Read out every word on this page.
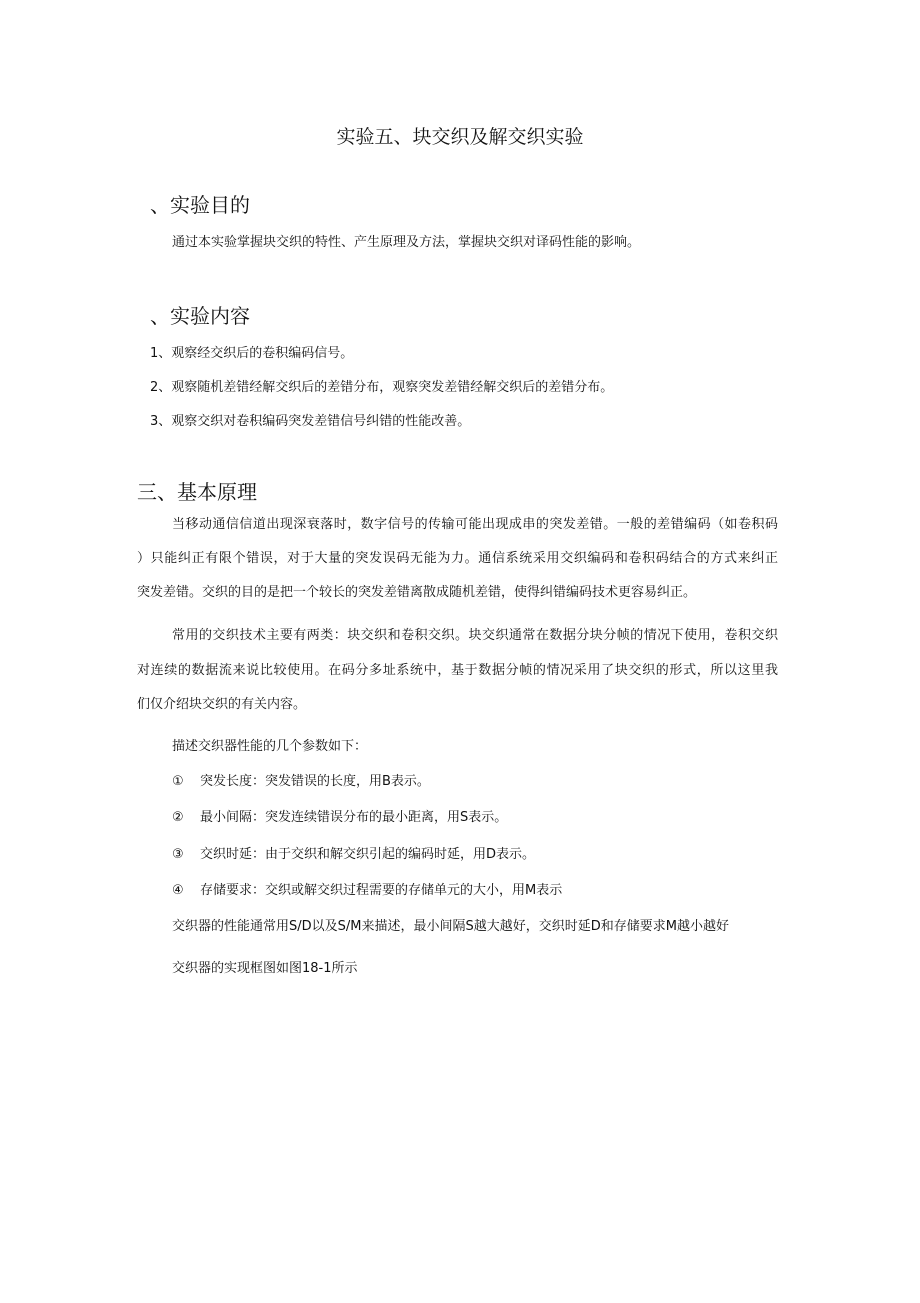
实验五、块交织及解交织实验
、实验目的
通过本实验掌握块交织的特性、产生原理及方法，掌握块交织对译码性能的影响。
、实验内容
1、观察经交织后的卷积编码信号。
2、观察随机差错经解交织后的差错分布，观察突发差错经解交织后的差错分布。
3、观察交织对卷积编码突发差错信号纠错的性能改善。
三、基本原理
当移动通信信道出现深衰落时，数字信号的传输可能出现成串的突发差错。一般的差错编码（如卷积码
）只能纠正有限个错误，对于大量的突发误码无能为力。通信系统采用交织编码和卷积码结合的方式来纠正
突发差错。交织的目的是把一个较长的突发差错离散成随机差错，使得纠错编码技术更容易纠正。
常用的交织技术主要有两类：块交织和卷积交织。块交织通常在数据分块分帧的情况下使用，卷积交织
对连续的数据流来说比较使用。在码分多址系统中，基于数据分帧的情况采用了块交织的形式，所以这里我
们仅介绍块交织的有关内容。
描述交织器性能的几个参数如下：
① 突发长度：突发错误的长度，用B表示。
② 最小间隔：突发连续错误分布的最小距离，用S表示。
③ 交织时延：由于交织和解交织引起的编码时延，用D表示。
④ 存储要求：交织或解交织过程需要的存储单元的大小，用M表示
交织器的性能通常用S/D以及S/M来描述，最小间隔S越大越好，交织时延D和存储要求M越小越好
交织器的实现框图如图18-1所示
